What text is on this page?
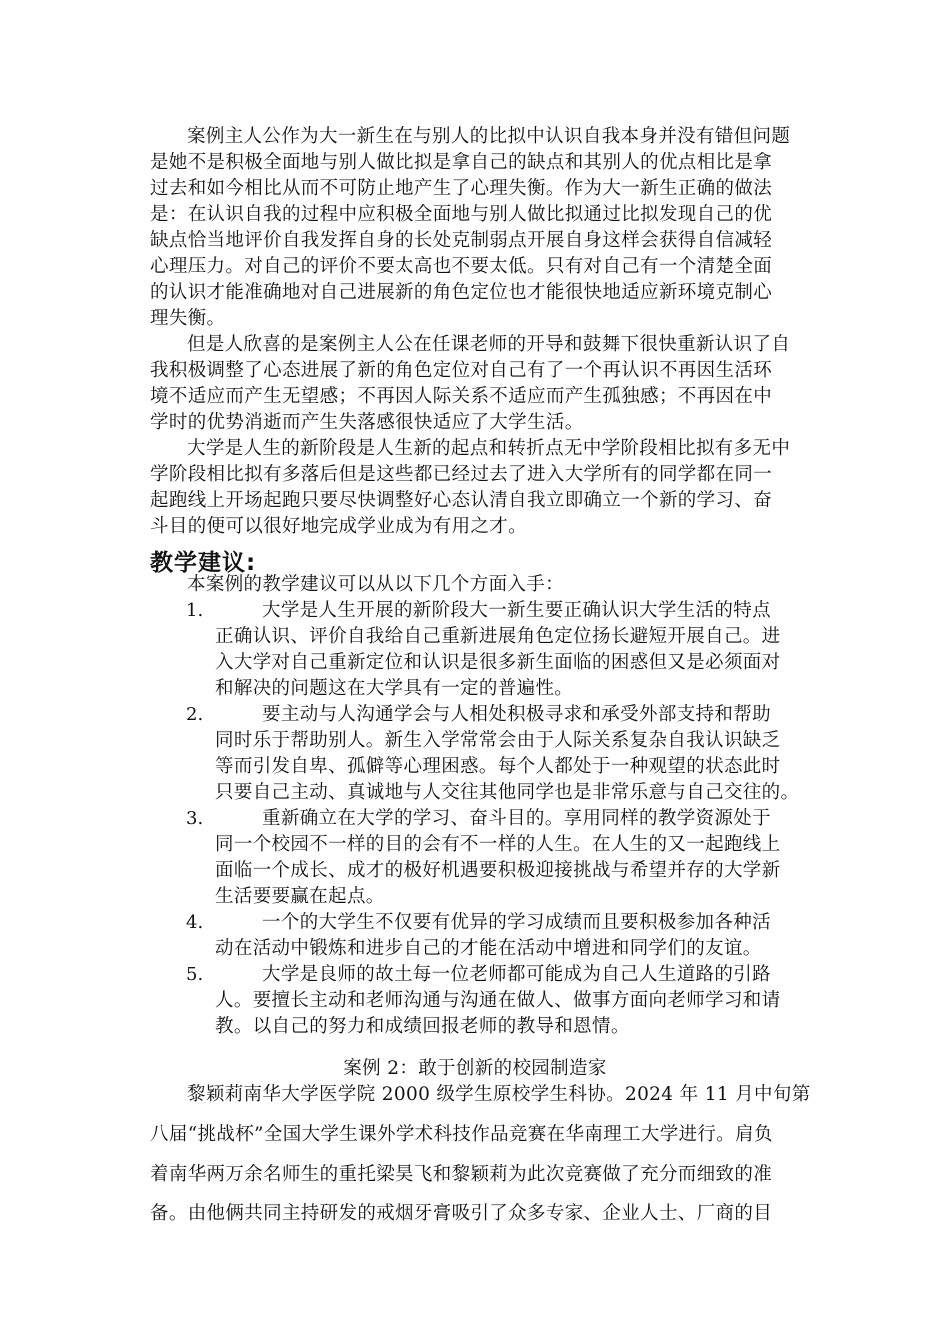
案例主人公作为大一新生在与别人的比拟中认识自我本身并没有错但问题
是她不是积极全面地与别人做比拟是拿自己的缺点和其别人的优点相比是拿
过去和如今相比从而不可防止地产生了心理失衡。作为大一新生正确的做法
是：在认识自我的过程中应积极全面地与别人做比拟通过比拟发现自己的优
缺点恰当地评价自我发挥自身的长处克制弱点开展自身这样会获得自信减轻
心理压力。对自己的评价不要太高也不要太低。只有对自己有一个清楚全面
的认识才能准确地对自己进展新的角色定位也才能很快地适应新环境克制心
理失衡。
但是人欣喜的是案例主人公在任课老师的开导和鼓舞下很快重新认识了自
我积极调整了心态进展了新的角色定位对自己有了一个再认识不再因生活环
境不适应而产生无望感；不再因人际关系不适应而产生孤独感；不再因在中
学时的优势消逝而产生失落感很快适应了大学生活。
大学是人生的新阶段是人生新的起点和转折点无中学阶段相比拟有多无中
学阶段相比拟有多落后但是这些都已经过去了进入大学所有的同学都在同一
起跑线上开场起跑只要尽快调整好心态认清自我立即确立一个新的学习、奋
斗目的便可以很好地完成学业成为有用之才。
教学建议:
本案例的教学建议可以从以下几个方面入手：
1.	大学是人生开展的新阶段大一新生要正确认识大学生活的特点
正确认识、评价自我给自己重新进展角色定位扬长避短开展自己。进
入大学对自己重新定位和认识是很多新生面临的困惑但又是必须面对
和解决的问题这在大学具有一定的普遍性。
2.	要主动与人沟通学会与人相处积极寻求和承受外部支持和帮助
同时乐于帮助别人。新生入学常常会由于人际关系复杂自我认识缺乏
等而引发自卑、孤僻等心理困惑。每个人都处于一种观望的状态此时
只要自己主动、真诚地与人交往其他同学也是非常乐意与自己交往的。
3.	重新确立在大学的学习、奋斗目的。享用同样的教学资源处于
同一个校园不一样的目的会有不一样的人生。在人生的又一起跑线上
面临一个成长、成才的极好机遇要积极迎接挑战与希望并存的大学新
生活要要赢在起点。
4.	一个的大学生不仅要有优异的学习成绩而且要积极参加各种活
动在活动中锻炼和进步自己的才能在活动中增进和同学们的友谊。
5.	大学是良师的故土每一位老师都可能成为自己人生道路的引路
人。要擅长主动和老师沟通与沟通在做人、做事方面向老师学习和请
教。以自己的努力和成绩回报老师的教导和恩情。
案例 2：敢于创新的校园制造家
黎颖莉南华大学医学院 2000 级学生原校学生科协。2024 年 11 月中旬第
八届“挑战杯”全国大学生课外学术科技作品竞赛在华南理工大学进行。肩负
着南华两万余名师生的重托梁昊飞和黎颖莉为此次竞赛做了充分而细致的准
备。由他俩共同主持研发的戒烟牙膏吸引了众多专家、企业人士、厂商的目
